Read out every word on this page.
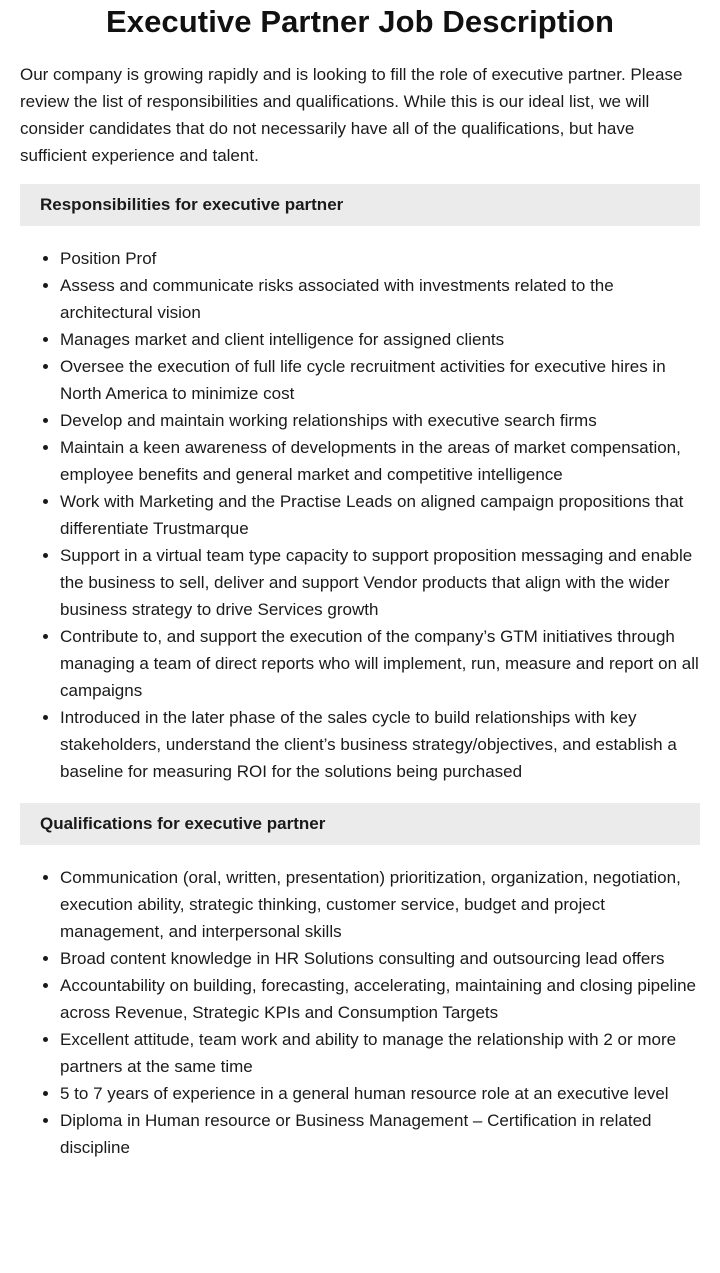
Executive Partner Job Description

Our company is growing rapidly and is looking to fill the role of executive partner. Please review the list of responsibilities and qualifications. While this is our ideal list, we will consider candidates that do not necessarily have all of the qualifications, but have sufficient experience and talent.

Responsibilities for executive partner
• Position Prof
• Assess and communicate risks associated with investments related to the architectural vision
• Manages market and client intelligence for assigned clients
• Oversee the execution of full life cycle recruitment activities for executive hires in North America to minimize cost
• Develop and maintain working relationships with executive search firms
• Maintain a keen awareness of developments in the areas of market compensation, employee benefits and general market and competitive intelligence
• Work with Marketing and the Practise Leads on aligned campaign propositions that differentiate Trustmarque
• Support in a virtual team type capacity to support proposition messaging and enable the business to sell, deliver and support Vendor products that align with the wider business strategy to drive Services growth
• Contribute to, and support the execution of the company’s GTM initiatives through managing a team of direct reports who will implement, run, measure and report on all campaigns
• Introduced in the later phase of the sales cycle to build relationships with key stakeholders, understand the client’s business strategy/objectives, and establish a baseline for measuring ROI for the solutions being purchased
Qualifications for executive partner
• Communication (oral, written, presentation) prioritization, organization, negotiation, execution ability, strategic thinking, customer service, budget and project management, and interpersonal skills
• Broad content knowledge in HR Solutions consulting and outsourcing lead offers
• Accountability on building, forecasting, accelerating, maintaining and closing pipeline across Revenue, Strategic KPIs and Consumption Targets
• Excellent attitude, team work and ability to manage the relationship with 2 or more partners at the same time
• 5 to 7 years of experience in a general human resource role at an executive level
• Diploma in Human resource or Business Management – Certification in related discipline
